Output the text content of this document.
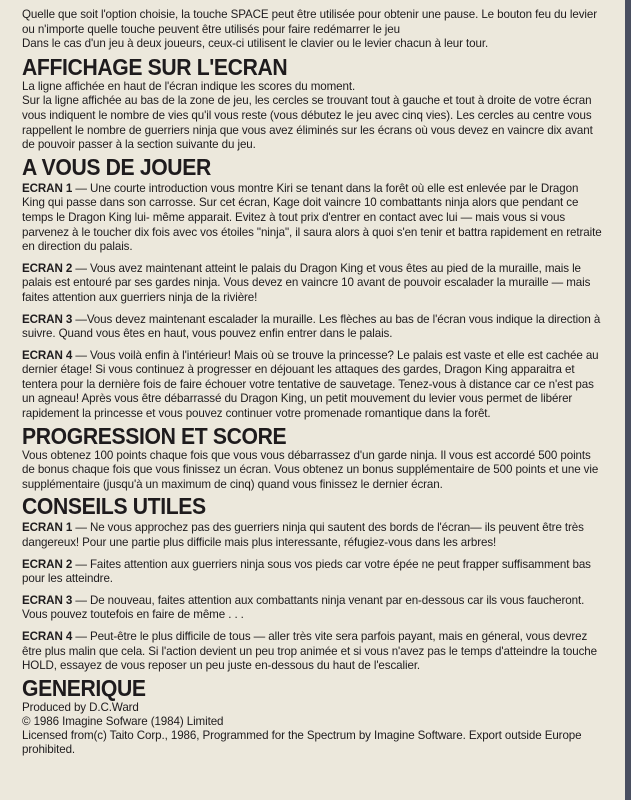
Quelle que soit l'option choisie, la touche SPACE peut être utilisée pour obtenir une pause. Le bouton feu du levier ou n'importe quelle touche peuvent être utilisés pour faire redémarrer le jeu

Dans le cas d'un jeu à deux joueurs, ceux-ci utilisent le clavier ou le levier chacun à leur tour.

AFFICHAGE SUR L'ECRAN

La ligne affichée en haut de l'écran indique les scores du moment.

Sur la ligne affichée au bas de la zone de jeu, les cercles se trouvant tout à gauche et tout à droite de votre écran vous indiquent le nombre de vies qu'il vous reste (vous débutez le jeu avec cinq vies). Les cercles au centre vous rappellent le nombre de guerriers ninja que vous avez éliminés sur les écrans où vous devez en vaincre dix avant de pouvoir passer à la section suivante du jeu.

A VOUS DE JOUER

ECRAN 1 — Une courte introduction vous montre Kiri se tenant dans la forêt où elle est enlevée par le Dragon King qui passe dans son carrosse. Sur cet écran, Kage doit vaincre 10 combattants ninja alors que pendant ce temps le Dragon King lui- même apparait. Evitez à tout prix d'entrer en contact avec lui — mais vous si vous parvenez à le toucher dix fois avec vos étoiles "ninja", il saura alors à quoi s'en tenir et battra rapidement en retraite en direction du palais.

ECRAN 2 — Vous avez maintenant atteint le palais du Dragon King et vous êtes au pied de la muraille, mais le palais est entouré par ses gardes ninja. Vous devez en vaincre 10 avant de pouvoir escalader la muraille — mais faites attention aux guerriers ninja de la rivière!

ECRAN 3 —Vous devez maintenant escalader la muraille. Les flèches au bas de l'écran vous indique la direction à suivre. Quand vous êtes en haut, vous pouvez enfin entrer dans le palais.

ECRAN 4 — Vous voilà enfin à l'intérieur! Mais où se trouve la princesse? Le palais est vaste et elle est cachée au dernier étage! Si vous continuez à progresser en déjouant les attaques des gardes, Dragon King apparaitra et tentera pour la dernière fois de faire échouer votre tentative de sauvetage. Tenez-vous à distance car ce n'est pas un agneau! Après vous être débarrassé du Dragon King, un petit mouvement du levier vous permet de libérer rapidement la princesse et vous pouvez continuer votre promenade romantique dans la forêt.

PROGRESSION ET SCORE

Vous obtenez 100 points chaque fois que vous vous débarrassez d'un garde ninja. Il vous est accordé 500 points de bonus chaque fois que vous finissez un écran. Vous obtenez un bonus supplémentaire de 500 points et une vie supplémentaire (jusqu'à un maximum de cinq) quand vous finissez le dernier écran.

CONSEILS UTILES

ECRAN 1 — Ne vous approchez pas des guerriers ninja qui sautent des bords de l'écran— ils peuvent être très dangereux! Pour une partie plus difficile mais plus interessante, réfugiez-vous dans les arbres!

ECRAN 2 — Faites attention aux guerriers ninja sous vos pieds car votre épée ne peut frapper suffisamment bas pour les atteindre.

ECRAN 3 — De nouveau, faites attention aux combattants ninja venant par en-dessous car ils vous faucheront. Vous pouvez toutefois en faire de même . . .

ECRAN 4 — Peut-être le plus difficile de tous — aller très vite sera parfois payant, mais en géneral, vous devrez être plus malin que cela. Si l'action devient un peu trop animée et si vous n'avez pas le temps d'atteindre la touche HOLD, essayez de vous reposer un peu juste en-dessous du haut de l'escalier.

GENERIQUE

Produced by D.C.Ward

© 1986 Imagine Sofware (1984) Limited

Licensed from(c) Taito Corp., 1986, Programmed for the Spectrum by Imagine Software. Export outside Europe prohibited.
